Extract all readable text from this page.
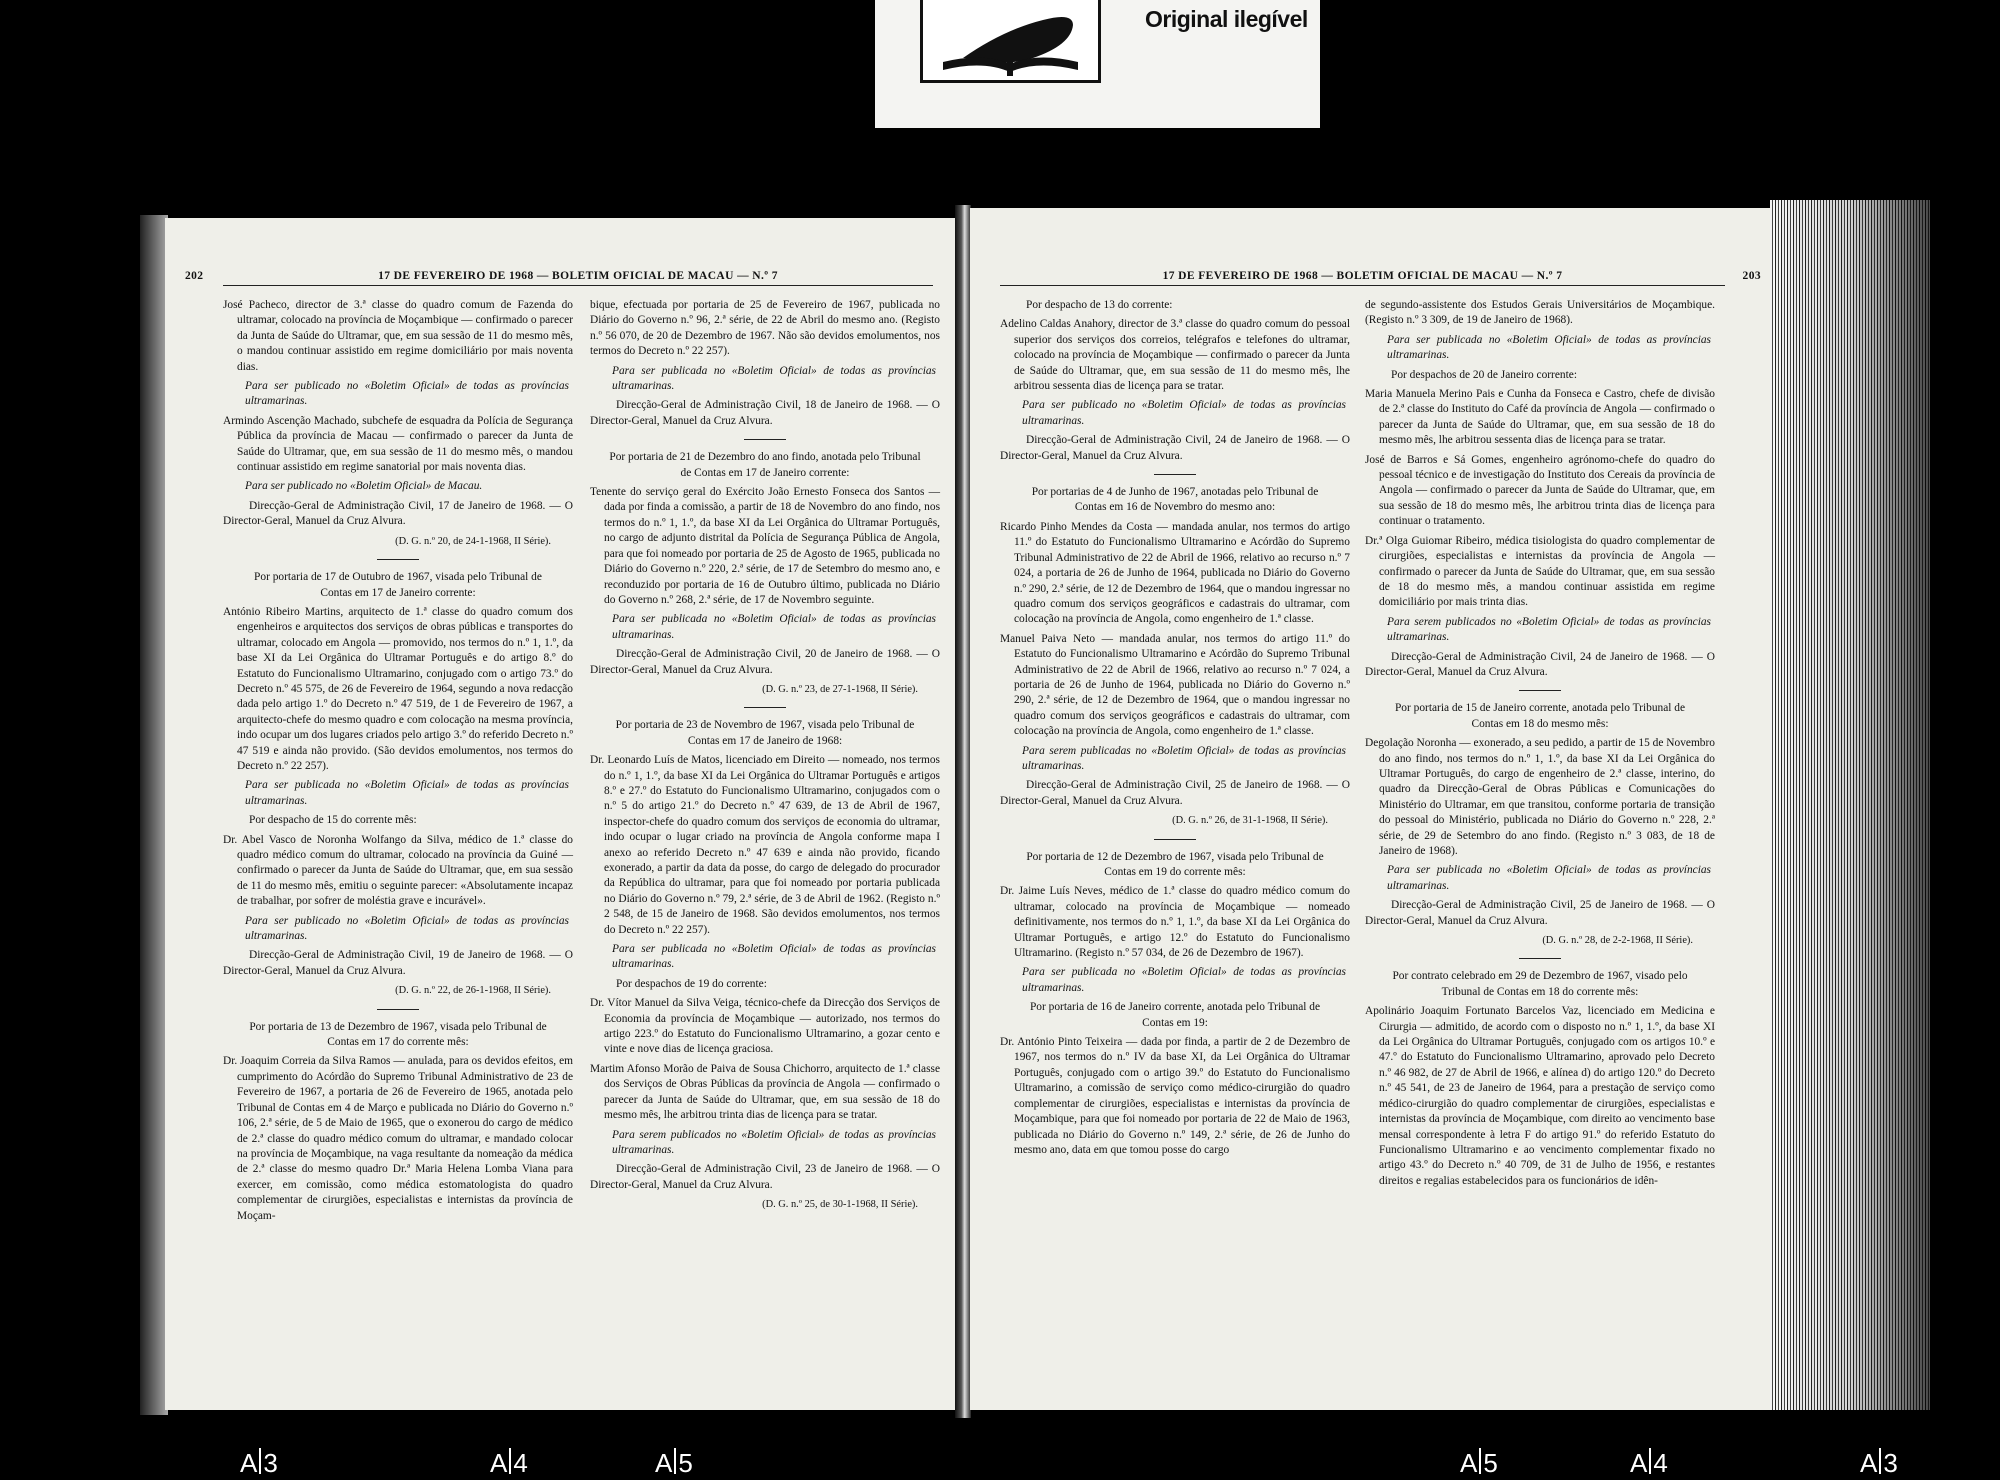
Original ilegível
202	17 DE FEVEREIRO DE 1968 — BOLETIM OFICIAL DE MACAU — N.º 7

José Pacheco, director de 3.ª classe do quadro comum de Fazenda do ultramar, colocado na província de Moçambique — confirmado o parecer da Junta de Saúde do Ultramar, que, em sua sessão de 11 do mesmo mês, o mandou continuar assistido em regime domiciliário por mais noventa dias.

Para ser publicado no «Boletim Oficial» de todas as províncias ultramarinas.

Armindo Ascenção Machado, subchefe de esquadra da Polícia de Segurança Pública da província de Macau — confirmado o parecer da Junta de Saúde do Ultramar, que, em sua sessão de 11 do mesmo mês, o mandou continuar assistido em regime sanatorial por mais noventa dias.

Para ser publicado no «Boletim Oficial» de Macau.

Direcção-Geral de Administração Civil, 17 de Janeiro de 1968. — O Director-Geral, Manuel da Cruz Alvura.

(D. G. n.º 20, de 24-1-1968, II Série).

Por portaria de 17 de Outubro de 1967, visada pelo Tribunal de Contas em 17 de Janeiro corrente:

António Ribeiro Martins, arquitecto de 1.ª classe do quadro comum dos engenheiros e arquitectos dos serviços de obras públicas e transportes do ultramar, colocado em Angola — promovido, nos termos do n.º 1, 1.º, da base XI da Lei Orgânica do Ultramar Português e do artigo 8.º do Estatuto do Funcionalismo Ultramarino, conjugado com o artigo 73.º do Decreto n.º 45 575, de 26 de Fevereiro de 1964, segundo a nova redacção dada pelo artigo 1.º do Decreto n.º 47 519, de 1 de Fevereiro de 1967, a arquitecto-chefe do mesmo quadro e com colocação na mesma província, indo ocupar um dos lugares criados pelo artigo 3.º do referido Decreto n.º 47 519 e ainda não provido. (São devidos emolumentos, nos termos do Decreto n.º 22 257).

Para ser publicada no «Boletim Oficial» de todas as províncias ultramarinas.

Por despacho de 15 do corrente mês:

Dr. Abel Vasco de Noronha Wolfango da Silva, médico de 1.ª classe do quadro médico comum do ultramar, colocado na província da Guiné — confirmado o parecer da Junta de Saúde do Ultramar, que, em sua sessão de 11 do mesmo mês, emitiu o seguinte parecer: «Absolutamente incapaz de trabalhar, por sofrer de moléstia grave e incurável».

Para ser publicado no «Boletim Oficial» de todas as províncias ultramarinas.

Direcção-Geral de Administração Civil, 19 de Janeiro de 1968. — O Director-Geral, Manuel da Cruz Alvura.

(D. G. n.º 22, de 26-1-1968, II Série).

Por portaria de 13 de Dezembro de 1967, visada pelo Tribunal de Contas em 17 do corrente mês:

Dr. Joaquim Correia da Silva Ramos — anulada, para os devidos efeitos, em cumprimento do Acórdão do Supremo Tribunal Administrativo de 23 de Fevereiro de 1967, a portaria de 26 de Fevereiro de 1965, anotada pelo Tribunal de Contas em 4 de Março e publicada no Diário do Governo n.º 106, 2.ª série, de 5 de Maio de 1965, que o exonerou do cargo de médico de 2.ª classe do quadro médico comum do ultramar, e mandado colocar na província de Moçambique, na vaga resultante da nomeação da médica de 2.ª classe do mesmo quadro Dr.ª Maria Helena Lomba Viana para exercer, em comissão, como médica estomatologista do quadro complementar de cirurgiões, especialistas e internistas da província de Moçam-

bique, efectuada por portaria de 25 de Fevereiro de 1967, publicada no Diário do Governo n.º 96, 2.ª série, de 22 de Abril do mesmo ano. (Registo n.º 56 070, de 20 de Dezembro de 1967. Não são devidos emolumentos, nos termos do Decreto n.º 22 257).

Para ser publicada no «Boletim Oficial» de todas as províncias ultramarinas.

Direcção-Geral de Administração Civil, 18 de Janeiro de 1968. — O Director-Geral, Manuel da Cruz Alvura.

Por portaria de 21 de Dezembro do ano findo, anotada pelo Tribunal de Contas em 17 de Janeiro corrente:

Tenente do serviço geral do Exército João Ernesto Fonseca dos Santos — dada por finda a comissão, a partir de 18 de Novembro do ano findo, nos termos do n.º 1, 1.º, da base XI da Lei Orgânica do Ultramar Português, no cargo de adjunto distrital da Polícia de Segurança Pública de Angola, para que foi nomeado por portaria de 25 de Agosto de 1965, publicada no Diário do Governo n.º 220, 2.ª série, de 17 de Setembro do mesmo ano, e reconduzido por portaria de 16 de Outubro último, publicada no Diário do Governo n.º 268, 2.ª série, de 17 de Novembro seguinte.

Para ser publicada no «Boletim Oficial» de todas as províncias ultramarinas.

Direcção-Geral de Administração Civil, 20 de Janeiro de 1968. — O Director-Geral, Manuel da Cruz Alvura.

(D. G. n.º 23, de 27-1-1968, II Série).

Por portaria de 23 de Novembro de 1967, visada pelo Tribunal de Contas em 17 de Janeiro de 1968:

Dr. Leonardo Luís de Matos, licenciado em Direito — nomeado, nos termos do n.º 1, 1.º, da base XI da Lei Orgânica do Ultramar Português e artigos 8.º e 27.º do Estatuto do Funcionalismo Ultramarino, conjugados com o n.º 5 do artigo 21.º do Decreto n.º 47 639, de 13 de Abril de 1967, inspector-chefe do quadro comum dos serviços de economia do ultramar, indo ocupar o lugar criado na província de Angola conforme mapa I anexo ao referido Decreto n.º 47 639 e ainda não provido, ficando exonerado, a partir da data da posse, do cargo de delegado do procurador da República do ultramar, para que foi nomeado por portaria publicada no Diário do Governo n.º 79, 2.ª série, de 3 de Abril de 1962. (Registo n.º 2 548, de 15 de Janeiro de 1968. São devidos emolumentos, nos termos do Decreto n.º 22 257).

Para ser publicada no «Boletim Oficial» de todas as províncias ultramarinas.

Por despachos de 19 do corrente:

Dr. Vítor Manuel da Silva Veiga, técnico-chefe da Direcção dos Serviços de Economia da província de Moçambique — autorizado, nos termos do artigo 223.º do Estatuto do Funcionalismo Ultramarino, a gozar cento e vinte e nove dias de licença graciosa.

Martim Afonso Morão de Paiva de Sousa Chichorro, arquitecto de 1.ª classe dos Serviços de Obras Públicas da província de Angola — confirmado o parecer da Junta de Saúde do Ultramar, que, em sua sessão de 18 do mesmo mês, lhe arbitrou trinta dias de licença para se tratar.

Para serem publicados no «Boletim Oficial» de todas as províncias ultramarinas.

Direcção-Geral de Administração Civil, 23 de Janeiro de 1968. — O Director-Geral, Manuel da Cruz Alvura.

(D. G. n.º 25, de 30-1-1968, II Série).

17 DE FEVEREIRO DE 1968 — BOLETIM OFICIAL DE MACAU — N.º 7	203

Por despacho de 13 do corrente:

Adelino Caldas Anahory, director de 3.ª classe do quadro comum do pessoal superior dos serviços dos correios, telégrafos e telefones do ultramar, colocado na província de Moçambique — confirmado o parecer da Junta de Saúde do Ultramar, que, em sua sessão de 11 do mesmo mês, lhe arbitrou sessenta dias de licença para se tratar.

Para ser publicado no «Boletim Oficial» de todas as províncias ultramarinas.

Direcção-Geral de Administração Civil, 24 de Janeiro de 1968. — O Director-Geral, Manuel da Cruz Alvura.

Por portarias de 4 de Junho de 1967, anotadas pelo Tribunal de Contas em 16 de Novembro do mesmo ano:

Ricardo Pinho Mendes da Costa — mandada anular, nos termos do artigo 11.º do Estatuto do Funcionalismo Ultramarino e Acórdão do Supremo Tribunal Administrativo de 22 de Abril de 1966, relativo ao recurso n.º 7 024, a portaria de 26 de Junho de 1964, publicada no Diário do Governo n.º 290, 2.ª série, de 12 de Dezembro de 1964, que o mandou ingressar no quadro comum dos serviços geográficos e cadastrais do ultramar, com colocação na província de Angola, como engenheiro de 1.ª classe.

Manuel Paiva Neto — mandada anular, nos termos do artigo 11.º do Estatuto do Funcionalismo Ultramarino e Acórdão do Supremo Tribunal Administrativo de 22 de Abril de 1966, relativo ao recurso n.º 7 024, a portaria de 26 de Junho de 1964, publicada no Diário do Governo n.º 290, 2.ª série, de 12 de Dezembro de 1964, que o mandou ingressar no quadro comum dos serviços geográficos e cadastrais do ultramar, com colocação na província de Angola, como engenheiro de 1.ª classe.

Para serem publicadas no «Boletim Oficial» de todas as províncias ultramarinas.

Direcção-Geral de Administração Civil, 25 de Janeiro de 1968. — O Director-Geral, Manuel da Cruz Alvura.

(D. G. n.º 26, de 31-1-1968, II Série).

Por portaria de 12 de Dezembro de 1967, visada pelo Tribunal de Contas em 19 do corrente mês:

Dr. Jaime Luís Neves, médico de 1.ª classe do quadro médico comum do ultramar, colocado na província de Moçambique — nomeado definitivamente, nos termos do n.º 1, 1.º, da base XI da Lei Orgânica do Ultramar Português, e artigo 12.º do Estatuto do Funcionalismo Ultramarino. (Registo n.º 57 034, de 26 de Dezembro de 1967).

Para ser publicada no «Boletim Oficial» de todas as províncias ultramarinas.

Por portaria de 16 de Janeiro corrente, anotada pelo Tribunal de Contas em 19:

Dr. António Pinto Teixeira — dada por finda, a partir de 2 de Dezembro de 1967, nos termos do n.º IV da base XI, da Lei Orgânica do Ultramar Português, conjugado com o artigo 39.º do Estatuto do Funcionalismo Ultramarino, a comissão de serviço como médico-cirurgião do quadro complementar de cirurgiões, especialistas e internistas da província de Moçambique, para que foi nomeado por portaria de 22 de Maio de 1963, publicada no Diário do Governo n.º 149, 2.ª série, de 26 de Junho do mesmo ano, data em que tomou posse do cargo

de segundo-assistente dos Estudos Gerais Universitários de Moçambique. (Registo n.º 3 309, de 19 de Janeiro de 1968).

Para ser publicada no «Boletim Oficial» de todas as províncias ultramarinas.

Por despachos de 20 de Janeiro corrente:

Maria Manuela Merino Pais e Cunha da Fonseca e Castro, chefe de divisão de 2.ª classe do Instituto do Café da província de Angola — confirmado o parecer da Junta de Saúde do Ultramar, que, em sua sessão de 18 do mesmo mês, lhe arbitrou sessenta dias de licença para se tratar.

José de Barros e Sá Gomes, engenheiro agrónomo-chefe do quadro do pessoal técnico e de investigação do Instituto dos Cereais da província de Angola — confirmado o parecer da Junta de Saúde do Ultramar, que, em sua sessão de 18 do mesmo mês, lhe arbitrou trinta dias de licença para continuar o tratamento.

Dr.ª Olga Guiomar Ribeiro, médica tisiologista do quadro complementar de cirurgiões, especialistas e internistas da província de Angola — confirmado o parecer da Junta de Saúde do Ultramar, que, em sua sessão de 18 do mesmo mês, a mandou continuar assistida em regime domiciliário por mais trinta dias.

Para serem publicados no «Boletim Oficial» de todas as províncias ultramarinas.

Direcção-Geral de Administração Civil, 24 de Janeiro de 1968. — O Director-Geral, Manuel da Cruz Alvura.

Por portaria de 15 de Janeiro corrente, anotada pelo Tribunal de Contas em 18 do mesmo mês:

Degolação Noronha — exonerado, a seu pedido, a partir de 15 de Novembro do ano findo, nos termos do n.º 1, 1.º, da base XI da Lei Orgânica do Ultramar Português, do cargo de engenheiro de 2.ª classe, interino, do quadro da Direcção-Geral de Obras Públicas e Comunicações do Ministério do Ultramar, em que transitou, conforme portaria de transição do pessoal do Ministério, publicada no Diário do Governo n.º 228, 2.ª série, de 29 de Setembro do ano findo. (Registo n.º 3 083, de 18 de Janeiro de 1968).

Para ser publicada no «Boletim Oficial» de todas as províncias ultramarinas.

Direcção-Geral de Administração Civil, 25 de Janeiro de 1968. — O Director-Geral, Manuel da Cruz Alvura.

(D. G. n.º 28, de 2-2-1968, II Série).

Por contrato celebrado em 29 de Dezembro de 1967, visado pelo Tribunal de Contas em 18 do corrente mês:

Apolinário Joaquim Fortunato Barcelos Vaz, licenciado em Medicina e Cirurgia — admitido, de acordo com o disposto no n.º 1, 1.º, da base XI da Lei Orgânica do Ultramar Português, conjugado com os artigos 10.º e 47.º do Estatuto do Funcionalismo Ultramarino, aprovado pelo Decreto n.º 46 982, de 27 de Abril de 1966, e alínea d) do artigo 120.º do Decreto n.º 45 541, de 23 de Janeiro de 1964, para a prestação de serviço como médico-cirurgião do quadro complementar de cirurgiões, especialistas e internistas da província de Moçambique, com direito ao vencimento base mensal correspondente à letra F do artigo 91.º do referido Estatuto do Funcionalismo Ultramarino e ao vencimento complementar fixado no artigo 43.º do Decreto n.º 40 709, de 31 de Julho de 1956, e restantes direitos e regalias estabelecidos para os funcionários de idên-

A 3	A 4	A 5	A 5	A 4	A 3
